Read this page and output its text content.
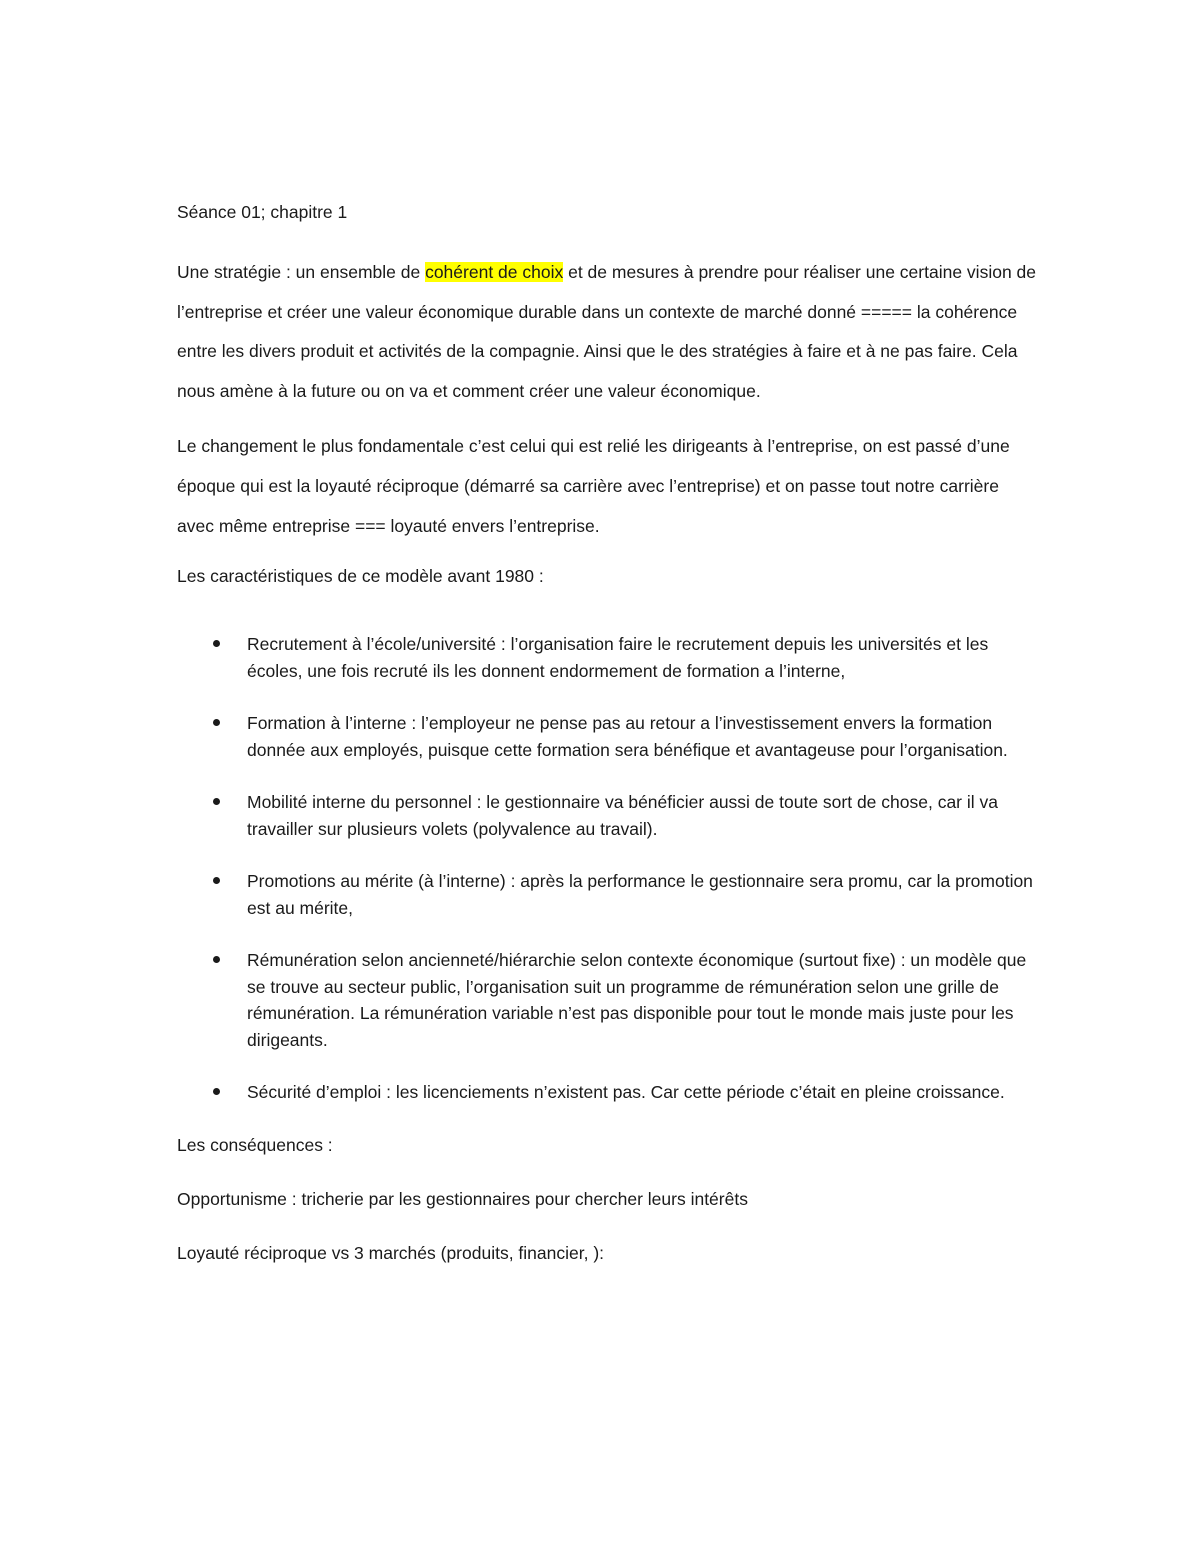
Séance 01; chapitre 1

Une stratégie : un ensemble de cohérent de choix et de mesures à prendre pour réaliser une certaine vision de l’entreprise et créer une valeur économique durable dans un contexte de marché donné ===== la cohérence entre les divers produit et activités de la compagnie. Ainsi que le des stratégies à faire et à ne pas faire. Cela nous amène à la future ou on va et comment créer une valeur économique.

Le changement le plus fondamentale c’est celui qui est relié les dirigeants à l’entreprise, on est passé d’une époque qui est la loyauté réciproque (démarré sa carrière avec l’entreprise) et on passe tout notre carrière avec même entreprise === loyauté envers l’entreprise.

Les caractéristiques de ce modèle avant 1980 :

Recrutement à l’école/université : l’organisation faire le recrutement depuis les universités et les écoles, une fois recruté ils les donnent endormement de formation a l’interne,
Formation à l’interne : l’employeur ne pense pas au retour a l’investissement envers la formation donnée aux employés, puisque cette formation sera bénéfique et avantageuse pour l’organisation.
Mobilité interne du personnel : le gestionnaire va bénéficier aussi de toute sort de chose, car il va travailler sur plusieurs volets (polyvalence au travail).
Promotions au mérite (à l’interne) : après la performance le gestionnaire sera promu, car la promotion est au mérite,
Rémunération selon ancienneté/hiérarchie selon contexte économique (surtout fixe) : un modèle que se trouve au secteur public, l’organisation suit un programme de rémunération selon une grille de rémunération. La rémunération variable n’est pas disponible pour tout le monde mais juste pour les dirigeants.
Sécurité d’emploi : les licenciements n’existent pas. Car cette période c’était en pleine croissance.

Les conséquences :

Opportunisme : tricherie par les gestionnaires pour chercher leurs intérêts

Loyauté réciproque vs 3 marchés (produits, financier, ):
